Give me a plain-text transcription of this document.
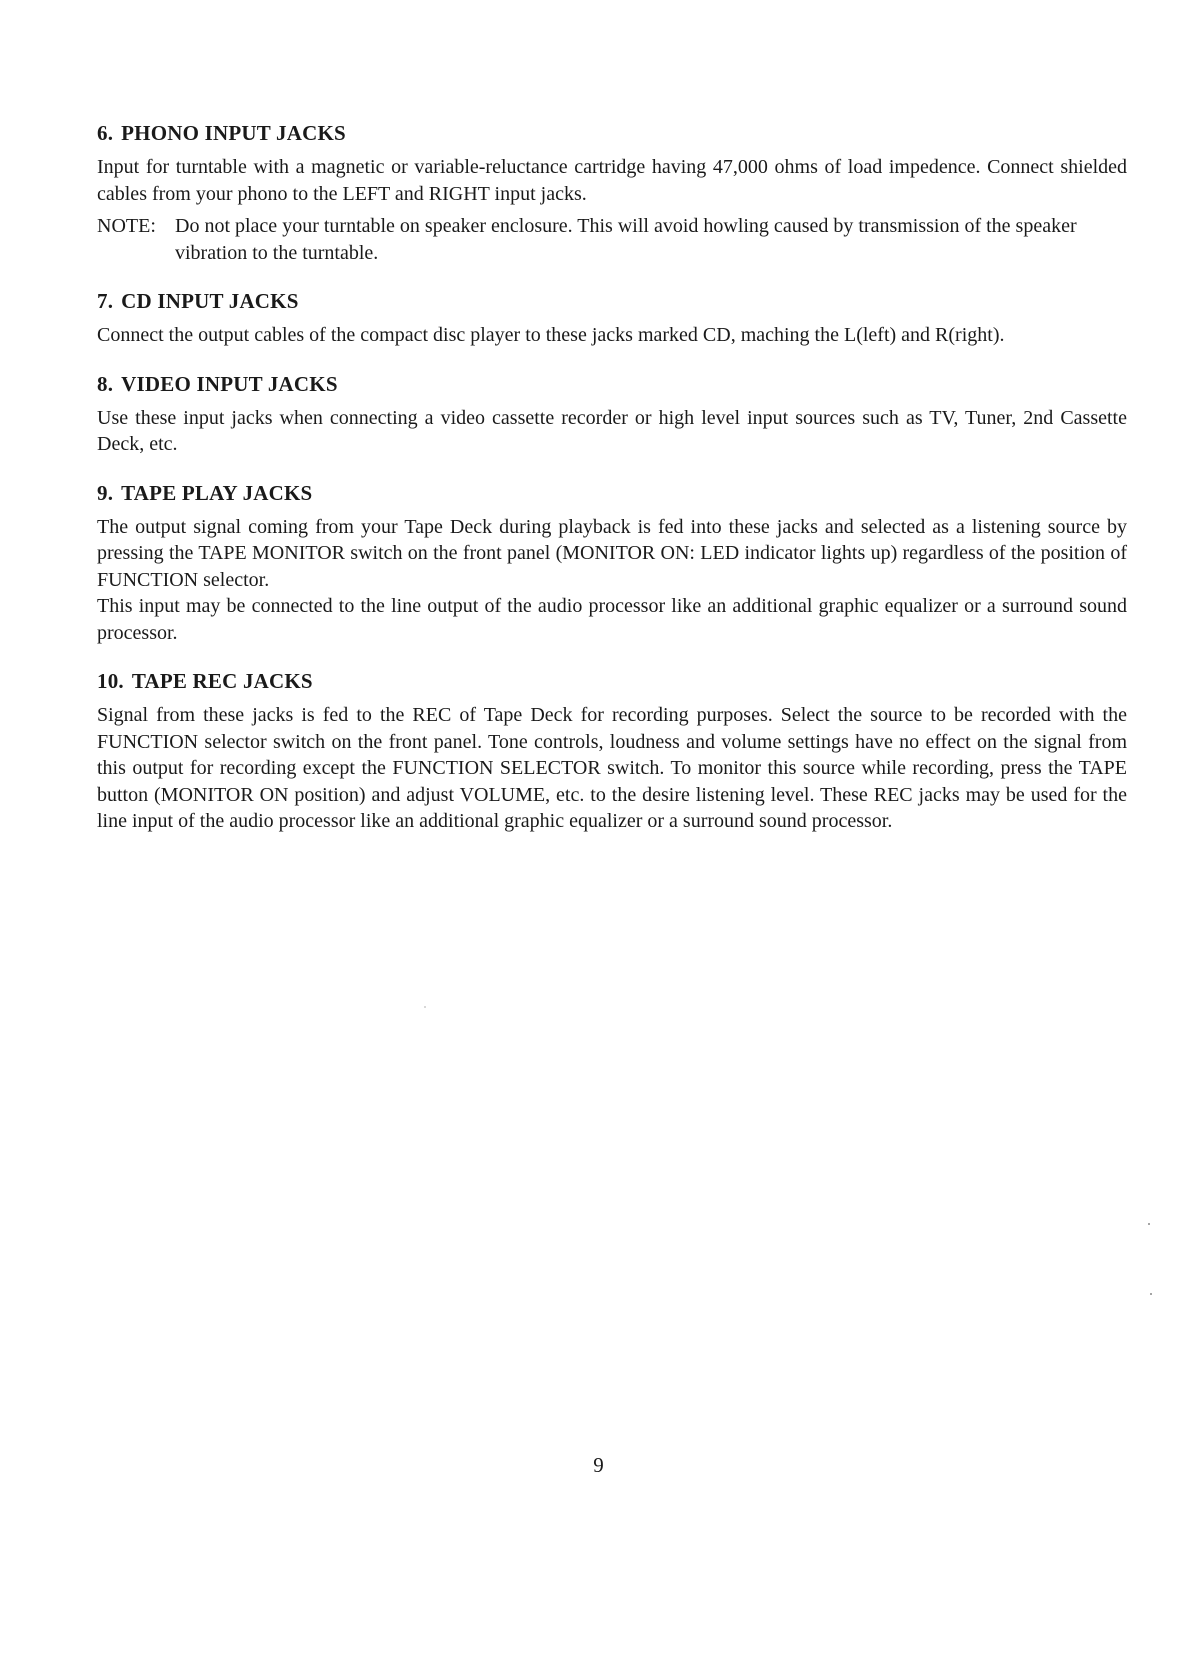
6. PHONO INPUT JACKS

Input for turntable with a magnetic or variable-reluctance cartridge having 47,000 ohms of load impedence. Connect shielded cables from your phono to the LEFT and RIGHT input jacks.

NOTE: Do not place your turntable on speaker enclosure. This will avoid howling caused by transmission of the speaker vibration to the turntable.
7. CD INPUT JACKS

Connect the output cables of the compact disc player to these jacks marked CD, maching the L(left) and R(right).

8. VIDEO INPUT JACKS

Use these input jacks when connecting a video cassette recorder or high level input sources such as TV, Tuner, 2nd Cassette Deck, etc.

9. TAPE PLAY JACKS

The output signal coming from your Tape Deck during playback is fed into these jacks and selected as a listening source by pressing the TAPE MONITOR switch on the front panel (MONITOR ON: LED indicator lights up) regardless of the position of FUNCTION selector.

This input may be connected to the line output of the audio processor like an additional graphic equalizer or a surround sound processor.

10. TAPE REC JACKS

Signal from these jacks is fed to the REC of Tape Deck for recording purposes. Select the source to be recorded with the FUNCTION selector switch on the front panel. Tone controls, loudness and volume settings have no effect on the signal from this output for recording except the FUNCTION SELECTOR switch. To monitor this source while recording, press the TAPE button (MONITOR ON position) and adjust VOLUME, etc. to the desire listening level. These REC jacks may be used for the line input of the audio processor like an additional graphic equalizer or a surround sound processor.

9
